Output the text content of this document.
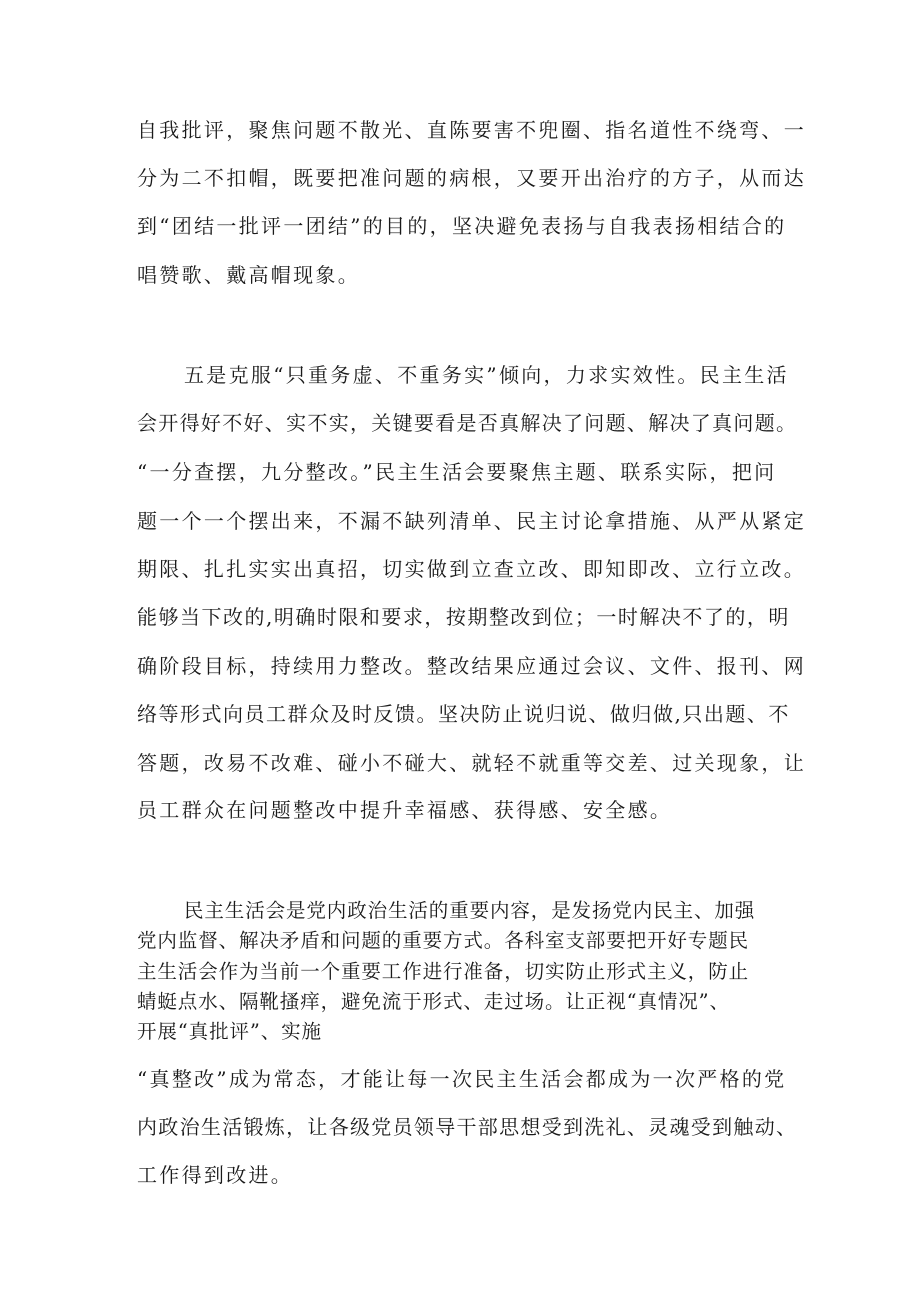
自我批评，聚焦问题不散光、直陈要害不兜圈、指名道性不绕弯、一
分为二不扣帽，既要把准问题的病根，又要开出治疗的方子，从而达
到“团结一批评一团结”的目的，坚决避免表扬与自我表扬相结合的
唱赞歌、戴高帽现象。
五是克服“只重务虚、不重务实”倾向，力求实效性。民主生活
会开得好不好、实不实，关键要看是否真解决了问题、解决了真问题。
“一分查摆，九分整改。”民主生活会要聚焦主题、联系实际，把问
题一个一个摆出来，不漏不缺列清单、民主讨论拿措施、从严从紧定
期限、扎扎实实出真招，切实做到立查立改、即知即改、立行立改。
能够当下改的,明确时限和要求，按期整改到位；一时解决不了的，明
确阶段目标，持续用力整改。整改结果应通过会议、文件、报刊、网
络等形式向员工群众及时反馈。坚决防止说归说、做归做,只出题、不
答题，改易不改难、碰小不碰大、就轻不就重等交差、过关现象，让
员工群众在问题整改中提升幸福感、获得感、安全感。
民主生活会是党内政治生活的重要内容，是发扬党内民主、加强
党内监督、解决矛盾和问题的重要方式。各科室支部要把开好专题民
主生活会作为当前一个重要工作进行准备，切实防止形式主义，防止
蜻蜓点水、隔靴搔痒，避免流于形式、走过场。让正视“真情况”、
开展“真批评”、实施
“真整改”成为常态，才能让每一次民主生活会都成为一次严格的党
内政治生活锻炼，让各级党员领导干部思想受到洗礼、灵魂受到触动、
工作得到改进。
